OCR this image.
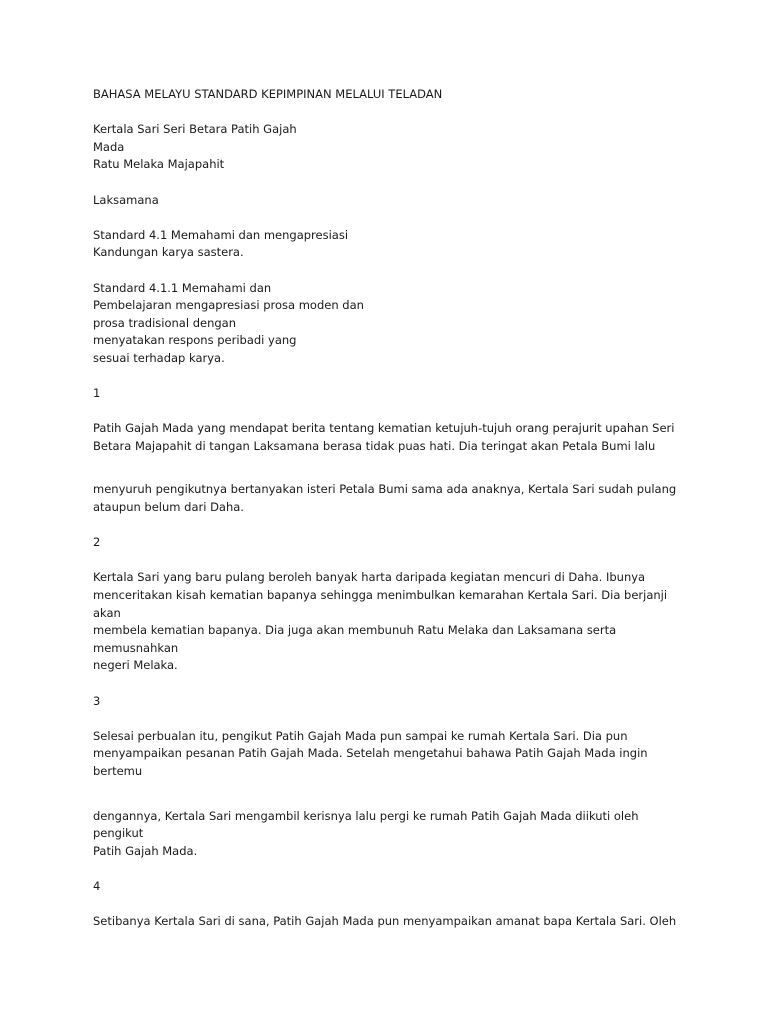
BAHASA MELAYU STANDARD KEPIMPINAN MELALUI TELADAN
Kertala Sari Seri Betara Patih Gajah
Mada
Ratu Melaka Majapahit
Laksamana
Standard 4.1 Memahami dan mengapresiasi
Kandungan karya sastera.
Standard 4.1.1 Memahami dan
Pembelajaran mengapresiasi prosa moden dan
prosa tradisional dengan
menyatakan respons peribadi yang
sesuai terhadap karya.
1
Patih Gajah Mada yang mendapat berita tentang kematian ketujuh-tujuh orang perajurit upahan Seri
Betara Majapahit di tangan Laksamana berasa tidak puas hati. Dia teringat akan Petala Bumi lalu
menyuruh pengikutnya bertanyakan isteri Petala Bumi sama ada anaknya, Kertala Sari sudah pulang
ataupun belum dari Daha.
2
Kertala Sari yang baru pulang beroleh banyak harta daripada kegiatan mencuri di Daha. Ibunya
menceritakan kisah kematian bapanya sehingga menimbulkan kemarahan Kertala Sari. Dia berjanji
akan
membela kematian bapanya. Dia juga akan membunuh Ratu Melaka dan Laksamana serta
memusnahkan
negeri Melaka.
3
Selesai perbualan itu, pengikut Patih Gajah Mada pun sampai ke rumah Kertala Sari. Dia pun
menyampaikan pesanan Patih Gajah Mada. Setelah mengetahui bahawa Patih Gajah Mada ingin
bertemu
dengannya, Kertala Sari mengambil kerisnya lalu pergi ke rumah Patih Gajah Mada diikuti oleh
pengikut
Patih Gajah Mada.
4
Setibanya Kertala Sari di sana, Patih Gajah Mada pun menyampaikan amanat bapa Kertala Sari. Oleh
